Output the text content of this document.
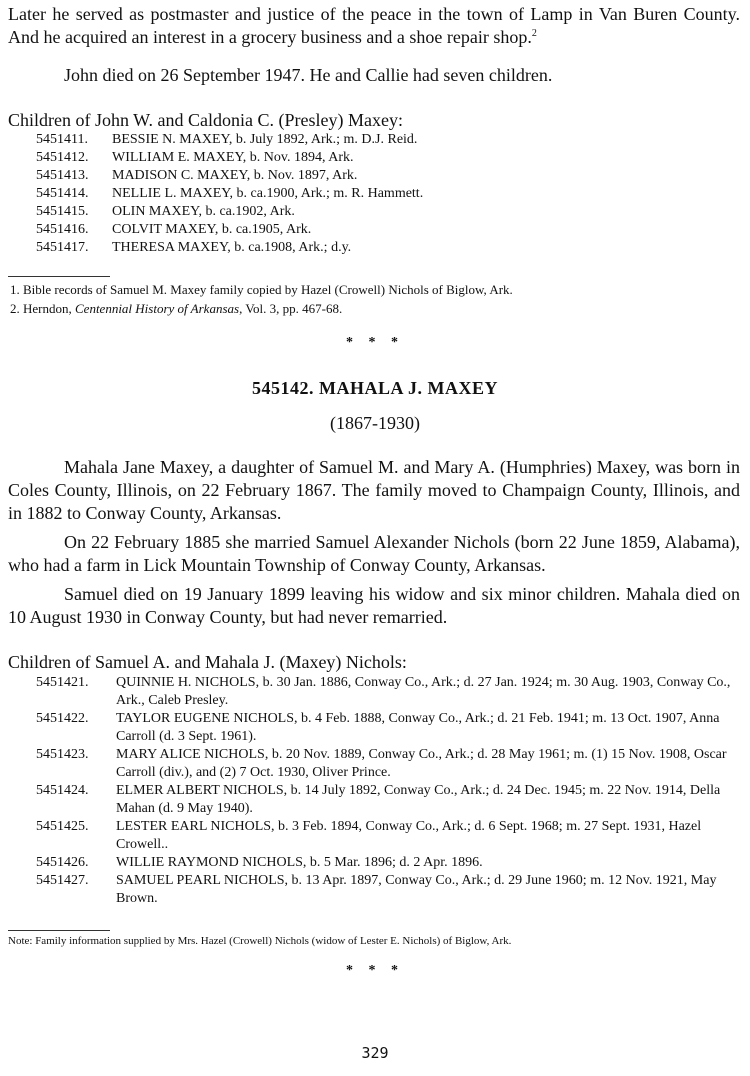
Later he served as postmaster and justice of the peace in the town of Lamp in Van Buren County. And he acquired an interest in a grocery business and a shoe repair shop.$^2$

John died on 26 September 1947. He and Callie had seven children.

Children of John W. and Caldonia C. (Presley) Maxey:

5451411.	BESSIE N. MAXEY, b. July 1892, Ark.; m. D.J. Reid.
5451412.	WILLIAM E. MAXEY, b. Nov. 1894, Ark.
5451413.	MADISON C. MAXEY, b. Nov. 1897, Ark.
5451414.	NELLIE L. MAXEY, b. ca.1900, Ark.; m. R. Hammett.
5451415.	OLIN MAXEY, b. ca.1902, Ark.
5451416.	COLVIT MAXEY, b. ca.1905, Ark.
5451417.	THERESA MAXEY, b. ca.1908, Ark.; d.y.

1. Bible records of Samuel M. Maxey family copied by Hazel (Crowell) Nichols of Biglow, Ark.

2. Herndon, Centennial History of Arkansas, Vol. 3, pp. 467-68.

* * *

545142. MAHALA J. MAXEY

(1867-1930)

Mahala Jane Maxey, a daughter of Samuel M. and Mary A. (Humphries) Maxey, was born in Coles County, Illinois, on 22 February 1867. The family moved to Champaign County, Illinois, and in 1882 to Conway County, Arkansas.

On 22 February 1885 she married Samuel Alexander Nichols (born 22 June 1859, Alabama), who had a farm in Lick Mountain Township of Conway County, Arkansas.

Samuel died on 19 January 1899 leaving his widow and six minor children. Mahala died on 10 August 1930 in Conway County, but had never remarried.

Children of Samuel A. and Mahala J. (Maxey) Nichols:

5451421.	QUINNIE H. NICHOLS, b. 30 Jan. 1886, Conway Co., Ark.; d. 27 Jan. 1924; m. 30 Aug. 1903, Conway Co., Ark., Caleb Presley.
5451422.	TAYLOR EUGENE NICHOLS, b. 4 Feb. 1888, Conway Co., Ark.; d. 21 Feb. 1941; m. 13 Oct. 1907, Anna Carroll (d. 3 Sept. 1961).
5451423.	MARY ALICE NICHOLS, b. 20 Nov. 1889, Conway Co., Ark.; d. 28 May 1961; m. (1) 15 Nov. 1908, Oscar Carroll (div.), and (2) 7 Oct. 1930, Oliver Prince.
5451424.	ELMER ALBERT NICHOLS, b. 14 July 1892, Conway Co., Ark.; d. 24 Dec. 1945; m. 22 Nov. 1914, Della Mahan (d. 9 May 1940).
5451425.	LESTER EARL NICHOLS, b. 3 Feb. 1894, Conway Co., Ark.; d. 6 Sept. 1968; m. 27 Sept. 1931, Hazel Crowell..
5451426.	WILLIE RAYMOND NICHOLS, b. 5 Mar. 1896; d. 2 Apr. 1896.
5451427.	SAMUEL PEARL NICHOLS, b. 13 Apr. 1897, Conway Co., Ark.; d. 29 June 1960; m. 12 Nov. 1921, May Brown.

Note: Family information supplied by Mrs. Hazel (Crowell) Nichols (widow of Lester E. Nichols) of Biglow, Ark.

* * *

329
